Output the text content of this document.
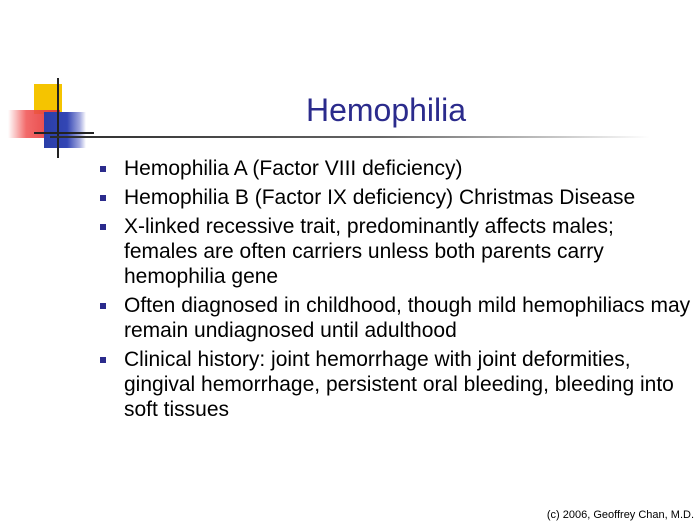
Hemophilia
Hemophilia A (Factor VIII deficiency)
Hemophilia B (Factor IX deficiency) Christmas Disease
X-linked recessive trait, predominantly affects males; females are often carriers unless both parents carry hemophilia gene
Often diagnosed in childhood, though mild hemophiliacs may remain undiagnosed until adulthood
Clinical history: joint hemorrhage with joint deformities, gingival hemorrhage, persistent oral bleeding, bleeding into soft tissues
(c) 2006, Geoffrey Chan, M.D.
